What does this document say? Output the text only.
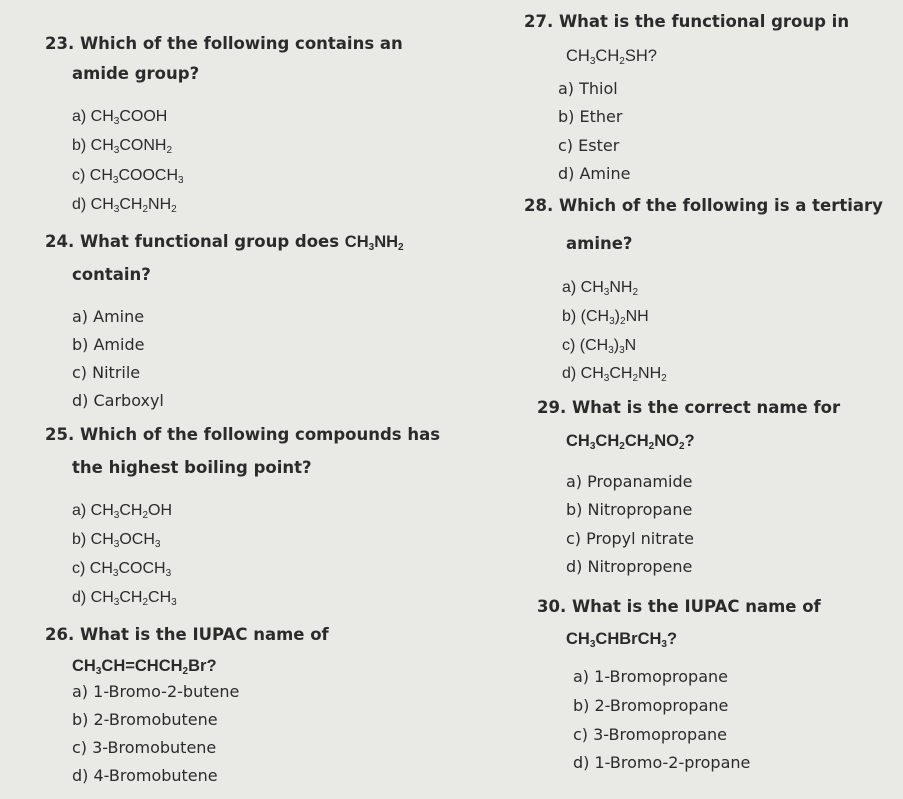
23. Which of the following contains an
amide group?
a) $CH_3COOH$
b) $CH_3CONH_2$
c) $CH_3COOCH_3$
d) $CH_3CH_2NH_2$
24. What functional group does $CH_3NH_2$
contain?
a) Amine
b) Amide
c) Nitrile
d) Carboxyl
25. Which of the following compounds has
the highest boiling point?
a) $CH_3CH_2OH$
b) $CH_3OCH_3$
c) $CH_3COCH_3$
d) $CH_3CH_2CH_3$
26. What is the IUPAC name of
$CH_3CH=CHCH_2Br$?
a) 1-Bromo-2-butene
b) 2-Bromobutene
c) 3-Bromobutene
d) 4-Bromobutene
27. What is the functional group in
$CH_3CH_2SH$?
a) Thiol
b) Ether
c) Ester
d) Amine
28. Which of the following is a tertiary
amine?
a) $CH_3NH_2$
b) $(CH_3)_2NH$
c) $(CH_3)_3N$
d) $CH_3CH_2NH_2$
29. What is the correct name for
$CH_3CH_2CH_2NO_2$?
a) Propanamide
b) Nitropropane
c) Propyl nitrate
d) Nitropropene
30. What is the IUPAC name of
$CH_3CHBrCH_3$?
a) 1-Bromopropane
b) 2-Bromopropane
c) 3-Bromopropane
d) 1-Bromo-2-propane
